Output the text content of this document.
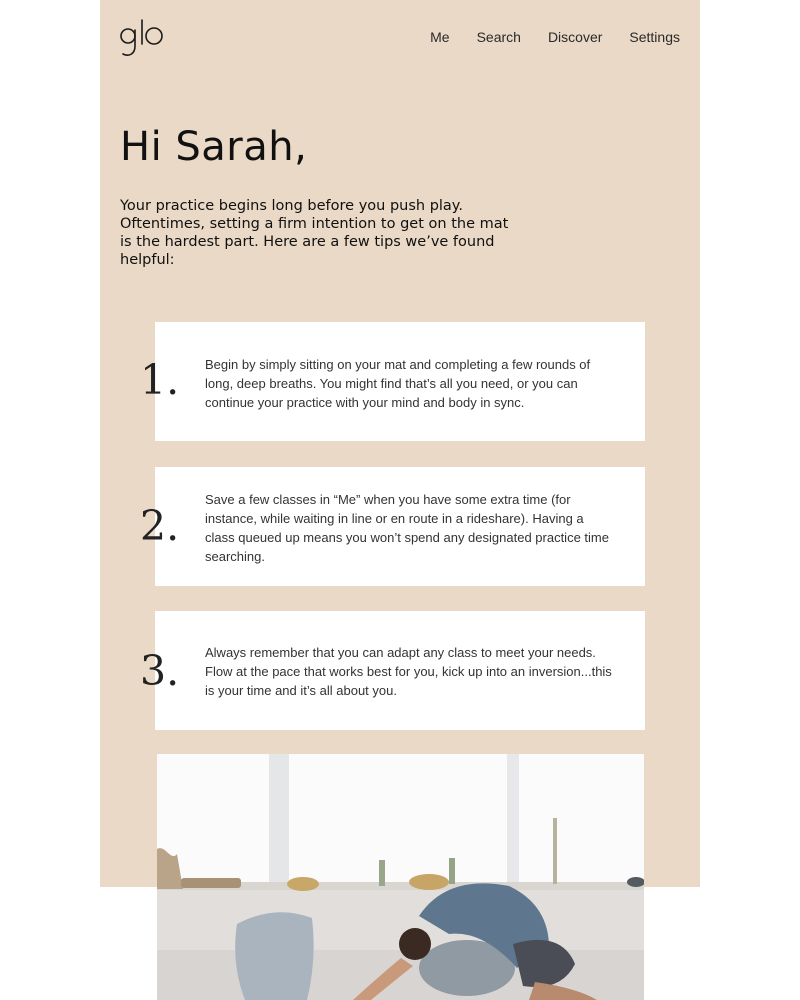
Me Search Discover Settings
Hi Sarah,

Your practice begins long before you push play. Oftentimes, setting a firm intention to get on the mat is the hardest part. Here are a few tips we’ve found helpful:

1. Begin by simply sitting on your mat and completing a few rounds of long, deep breaths. You might find that’s all you need, or you can continue your practice with your mind and body in sync.

2.

Save a few classes in “Me” when you have some extra time (for instance, while waiting in line or en route in a rideshare). Having a class queued up means you won’t spend any designated practice time searching.

3. Always remember that you can adapt any class to meet your needs. Flow at the pace that works best for you, kick up into an inversion...this is your time and it’s all about you.
